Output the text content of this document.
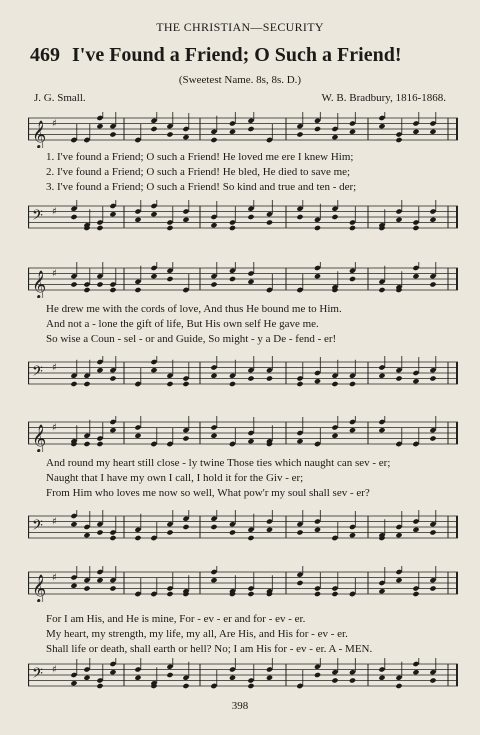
THE CHRISTIAN—SECURITY
469 I've Found a Friend; O Such a Friend!
(Sweetest Name. 8s, 8s. D.)
J. G. Small.	W. B. Bradbury, 1816-1868.
𝄞 ♯
1. I've found a Friend; O such a Friend! He loved me ere I knew Him;
2. I've found a Friend; O such a Friend! He bled, He died to save me;
3. I've found a Friend; O such a Friend! So kind and true and ten - der;
𝄢 ♯
𝄞 ♯
He drew me with the cords of love, And thus He bound me to Him.
And not a - lone the gift of life, But His own self He gave me.
So wise a Coun - sel - or and Guide, So might - y a De - fend - er!
𝄢 ♯
𝄞 ♯
And round my heart still close - ly twine Those ties which naught can sev - er;
Naught that I have my own I call, I hold it for the Giv - er;
From Him who loves me now so well, What pow'r my soul shall sev - er?
𝄢 ♯
𝄞 ♯
For I am His, and He is mine, For - ev - er and for - ev - er.
My heart, my strength, my life, my all, Are His, and His for - ev - er.
Shall life or death, shall earth or hell? No; I am His for - ev - er. A - MEN.
𝄢 ♯
398
